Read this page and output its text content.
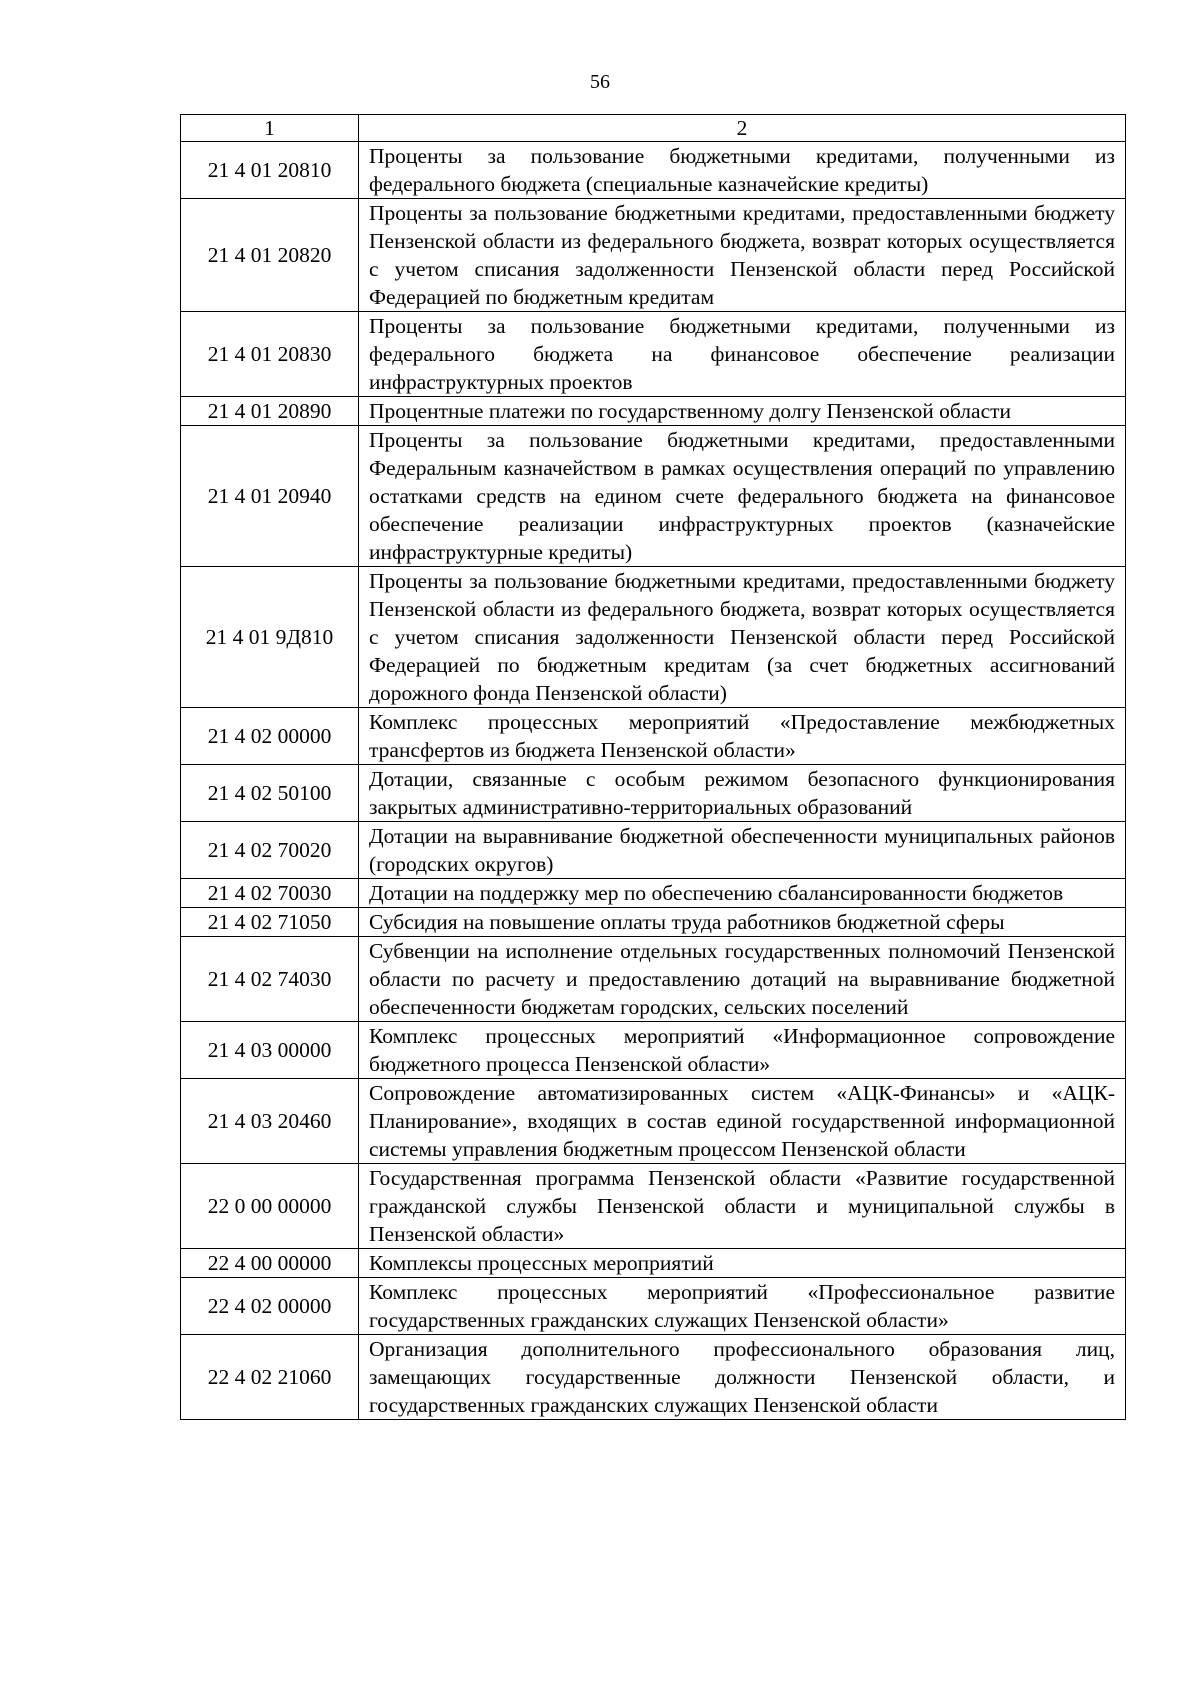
56
1	2
21 4 01 20810	Проценты за пользование бюджетными кредитами, полученными из федерального бюджета (специальные казначейские кредиты)
21 4 01 20820	Проценты за пользование бюджетными кредитами, предоставленными бюджету Пензенской области из федерального бюджета, возврат которых осуществляется с учетом списания задолженности Пензенской области перед Российской Федерацией по бюджетным кредитам
21 4 01 20830	Проценты за пользование бюджетными кредитами, полученными из федерального бюджета на финансовое обеспечение реализации инфраструктурных проектов
21 4 01 20890	Процентные платежи по государственному долгу Пензенской области
21 4 01 20940	Проценты за пользование бюджетными кредитами, предоставленными Федеральным казначейством в рамках осуществления операций по управлению остатками средств на едином счете федерального бюджета на финансовое обеспечение реализации инфраструктурных проектов (казначейские инфраструктурные кредиты)
21 4 01 9Д810	Проценты за пользование бюджетными кредитами, предоставленными бюджету Пензенской области из федерального бюджета, возврат которых осуществляется с учетом списания задолженности Пензенской области перед Российской Федерацией по бюджетным кредитам (за счет бюджетных ассигнований дорожного фонда Пензенской области)
21 4 02 00000	Комплекс процессных мероприятий «Предоставление межбюджетных трансфертов из бюджета Пензенской области»
21 4 02 50100	Дотации, связанные с особым режимом безопасного функционирования закрытых административно-территориальных образований
21 4 02 70020	Дотации на выравнивание бюджетной обеспеченности муниципальных районов (городских округов)
21 4 02 70030	Дотации на поддержку мер по обеспечению сбалансированности бюджетов
21 4 02 71050	Субсидия на повышение оплаты труда работников бюджетной сферы
21 4 02 74030	Субвенции на исполнение отдельных государственных полномочий Пензенской области по расчету и предоставлению дотаций на выравнивание бюджетной обеспеченности бюджетам городских, сельских поселений
21 4 03 00000	Комплекс процессных мероприятий «Информационное сопровождение бюджетного процесса Пензенской области»
21 4 03 20460	Сопровождение автоматизированных систем «АЦК-Финансы» и «АЦК-Планирование», входящих в состав единой государственной информационной системы управления бюджетным процессом Пензенской области
22 0 00 00000	Государственная программа Пензенской области «Развитие государственной гражданской службы Пензенской области и муниципальной службы в Пензенской области»
22 4 00 00000	Комплексы процессных мероприятий
22 4 02 00000	Комплекс процессных мероприятий «Профессиональное развитие государственных гражданских служащих Пензенской области»
22 4 02 21060	Организация дополнительного профессионального образования лиц, замещающих государственные должности Пензенской области, и государственных гражданских служащих Пензенской области
